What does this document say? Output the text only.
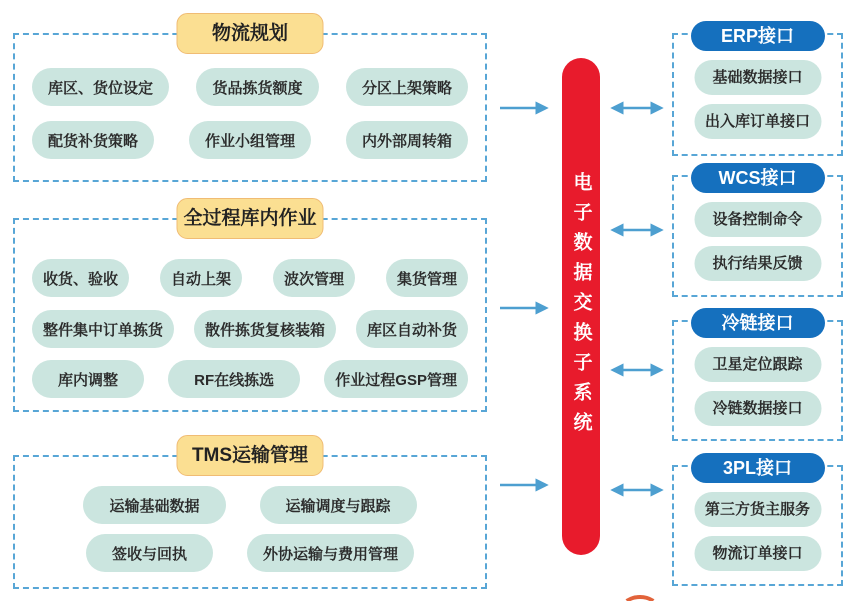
物流规划
库区、货位设定	货品拣货额度	分区上架策略
配货补货策略	作业小组管理	内外部周转箱
全过程库内作业
收货、验收	自动上架	波次管理	集货管理
整件集中订单拣货	散件拣货复核装箱	库区自动补货
库内调整	RF在线拣选	作业过程GSP管理
TMS运输管理
运输基础数据	运输调度与跟踪
签收与回执	外协运输与费用管理
电子数据交换子系统
ERP接口
基础数据接口
出入库订单接口
WCS接口
设备控制命令
执行结果反馈
冷链接口
卫星定位跟踪
冷链数据接口
3PL接口
第三方货主服务
物流订单接口
